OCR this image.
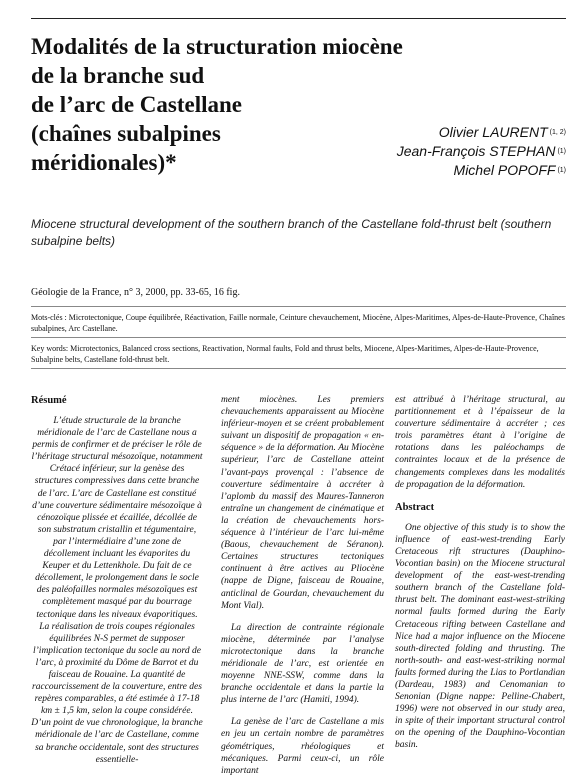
Modalités de la structuration miocène
de la branche sud
de l’arc de Castellane
(chaînes subalpines
méridionales)*
Olivier LAURENT $^{(1, 2)}$
Jean-François STEPHAN $^{(1)}$
Michel POPOFF $^{(1)}$
Miocene structural development of the southern branch of the Castellane fold-thrust belt (southern subalpine belts)
Géologie de la France, n° 3, 2000, pp. 33-65, 16 fig.
Mots-clés : Microtectonique, Coupe équilibrée, Réactivation, Faille normale, Ceinture chevauchement, Miocène, Alpes-Maritimes, Alpes-de-Haute-Provence, Chaînes subalpines, Arc Castellane.
Key words: Microtectonics, Balanced cross sections, Reactivation, Normal faults, Fold and thrust belts, Miocene, Alpes-Maritimes, Alpes-de-Haute-Provence, Subalpine belts, Castellane fold-thrust belt.
Résumé
L’étude structurale de la branche méridionale de l’arc de Castellane nous a permis de confirmer et de préciser le rôle de l’héritage structural mésozoïque, notamment Crétacé inférieur, sur la genèse des structures compressives dans cette branche de l’arc. L’arc de Castellane est constitué d’une couverture sédimentaire mésozoïque à cénozoïque plissée et écaillée, décollée de son substratum cristallin et tégumentaire, par l’intermédiaire d’une zone de décollement incluant les évaporites du Keuper et du Lettenkhole. Du fait de ce décollement, le prolongement dans le socle des paléofailles normales mésozoïques est complètement masqué par du bourrage tectonique dans les niveaux évaporitiques. La réalisation de trois coupes régionales équilibrées N-S permet de supposer l’implication tectonique du socle au nord de l’arc, à proximité du Dôme de Barrot et du faisceau de Rouaine. La quantité de raccourcissement de la couverture, entre des repères comparables, a été estimée à 17-18 km ± 1,5 km, selon la coupe considérée. D’un point de vue chronologique, la branche méridionale de l’arc de Castellane, comme sa branche occidentale, sont des structures essentielle-
ment miocènes. Les premiers chevauchements apparaissent au Miocène inférieur-moyen et se créent probablement suivant un dispositif de propagation « en-séquence » de la déformation. Au Miocène supérieur, l’arc de Castellane atteint l’avant-pays provençal : l’absence de couverture sédimentaire à accréter à l’aplomb du massif des Maures-Tanneron entraîne un changement de cinématique et la création de chevauchements hors-séquence à l’intérieur de l’arc lui-même (Baous, chevauchement de Séranon). Certaines structures tectoniques continuent à être actives au Pliocène (nappe de Digne, faisceau de Rouaine, anticlinal de Gourdan, chevauchement du Mont Vial).
La direction de contrainte régionale miocène, déterminée par l’analyse microtectonique dans la branche méridionale de l’arc, est orientée en moyenne NNE-SSW, comme dans la branche occidentale et dans la partie la plus interne de l’arc (Hamiti, 1994).
La genèse de l’arc de Castellane a mis en jeu un certain nombre de paramètres géométriques, rhéologiques et mécaniques. Parmi ceux-ci, un rôle important
est attribué à l’héritage structural, au partitionnement et à l’épaisseur de la couverture sédimentaire à accréter ; ces trois paramètres étant à l’origine de rotations dans les paléochamps de contraintes locaux et de la présence de changements complexes dans les modalités de propagation de la déformation.
Abstract
One objective of this study is to show the influence of east-west-trending Early Cretaceous rift structures (Dauphino-Vocontian basin) on the Miocene structural development of the east-west-trending southern branch of the Castellane fold-thrust belt. The dominant east-west-striking normal faults formed during the Early Cretaceous rifting between Castellane and Nice had a major influence on the Miocene south-directed folding and thrusting. The north-south- and east-west-striking normal faults formed during the Lias to Portlandian (Dardeau, 1983) and Cenomanian to Senonian (Digne nappe: Pelline-Chabert, 1996) were not observed in our study area, in spite of their important structural control on the opening of the Dauphino-Vocontian basin.
